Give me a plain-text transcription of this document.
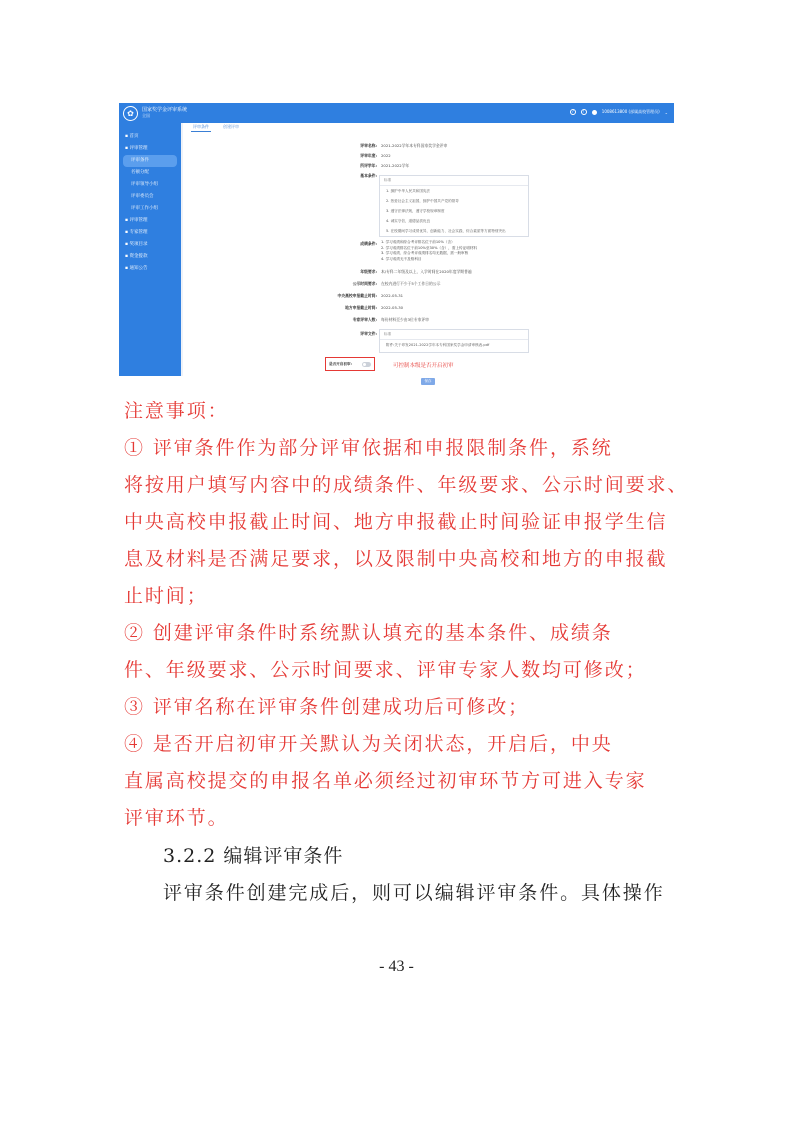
✿	国家奖学金评审系统
全国
?	!	1008613800 (部属高校管理员) ⌄
▪ 首页
▪ 评审管理
评审条件
名额分配
评审领导小组
评审委员会
评审工作小组
▪ 评审管理
▪ 专家管理
▪ 奖项目录
▪ 资金拨款
▪ 通知公告
评审条件	创建评审
评审名称: 2021-2022学年本专科国家奖学金评审
评审年度: 2022
所评学年: 2021-2022学年
基本条件:
标准
1. 拥护中华人民共和国宪法
2. 热爱社会主义祖国，拥护中国共产党的领导
3. 遵守法律法规，遵守学校规章制度
4. 诚实守信，道德品质优良
5. 在校期间学习成绩优异，创新能力、社会实践、综合素质等方面特别突出
成绩条件: 1. 学习成绩和综合考评排名位于前10%（含）
2. 学习成绩排名位于前10%至30%（含），需上传证明材料
3. 学习成绩、综合考评成绩排名均无数据，需一般审核
4. 学习成绩无不及格科目
年级要求: 本/专科二年级及以上，入学时间在2020年度学期普遍
公示时间要求: 在校内进行不少于5个工作日的公示
中央高校申报截止时间: 2022-05-31
地方申报截止时间: 2022-05-30
专家评审人数: 每份材料至少由3位专家评审
评审文件:	标准
附件:关于印发2021-2022学年本专科国家奖学金申请审核表.pdf
是否开启初审:	可控制本级是否开启初审
保存
注意事项：
① 评审条件作为部分评审依据和申报限制条件，系统
将按用户填写内容中的成绩条件、年级要求、公示时间要求、
中央高校申报截止时间、地方申报截止时间验证申报学生信
息及材料是否满足要求，以及限制中央高校和地方的申报截
止时间；
② 创建评审条件时系统默认填充的基本条件、成绩条
件、年级要求、公示时间要求、评审专家人数均可修改；
③ 评审名称在评审条件创建成功后可修改；
④ 是否开启初审开关默认为关闭状态，开启后，中央
直属高校提交的申报名单必须经过初审环节方可进入专家
评审环节。
3.2.2 编辑评审条件
评审条件创建完成后，则可以编辑评审条件。具体操作
- 43 -
